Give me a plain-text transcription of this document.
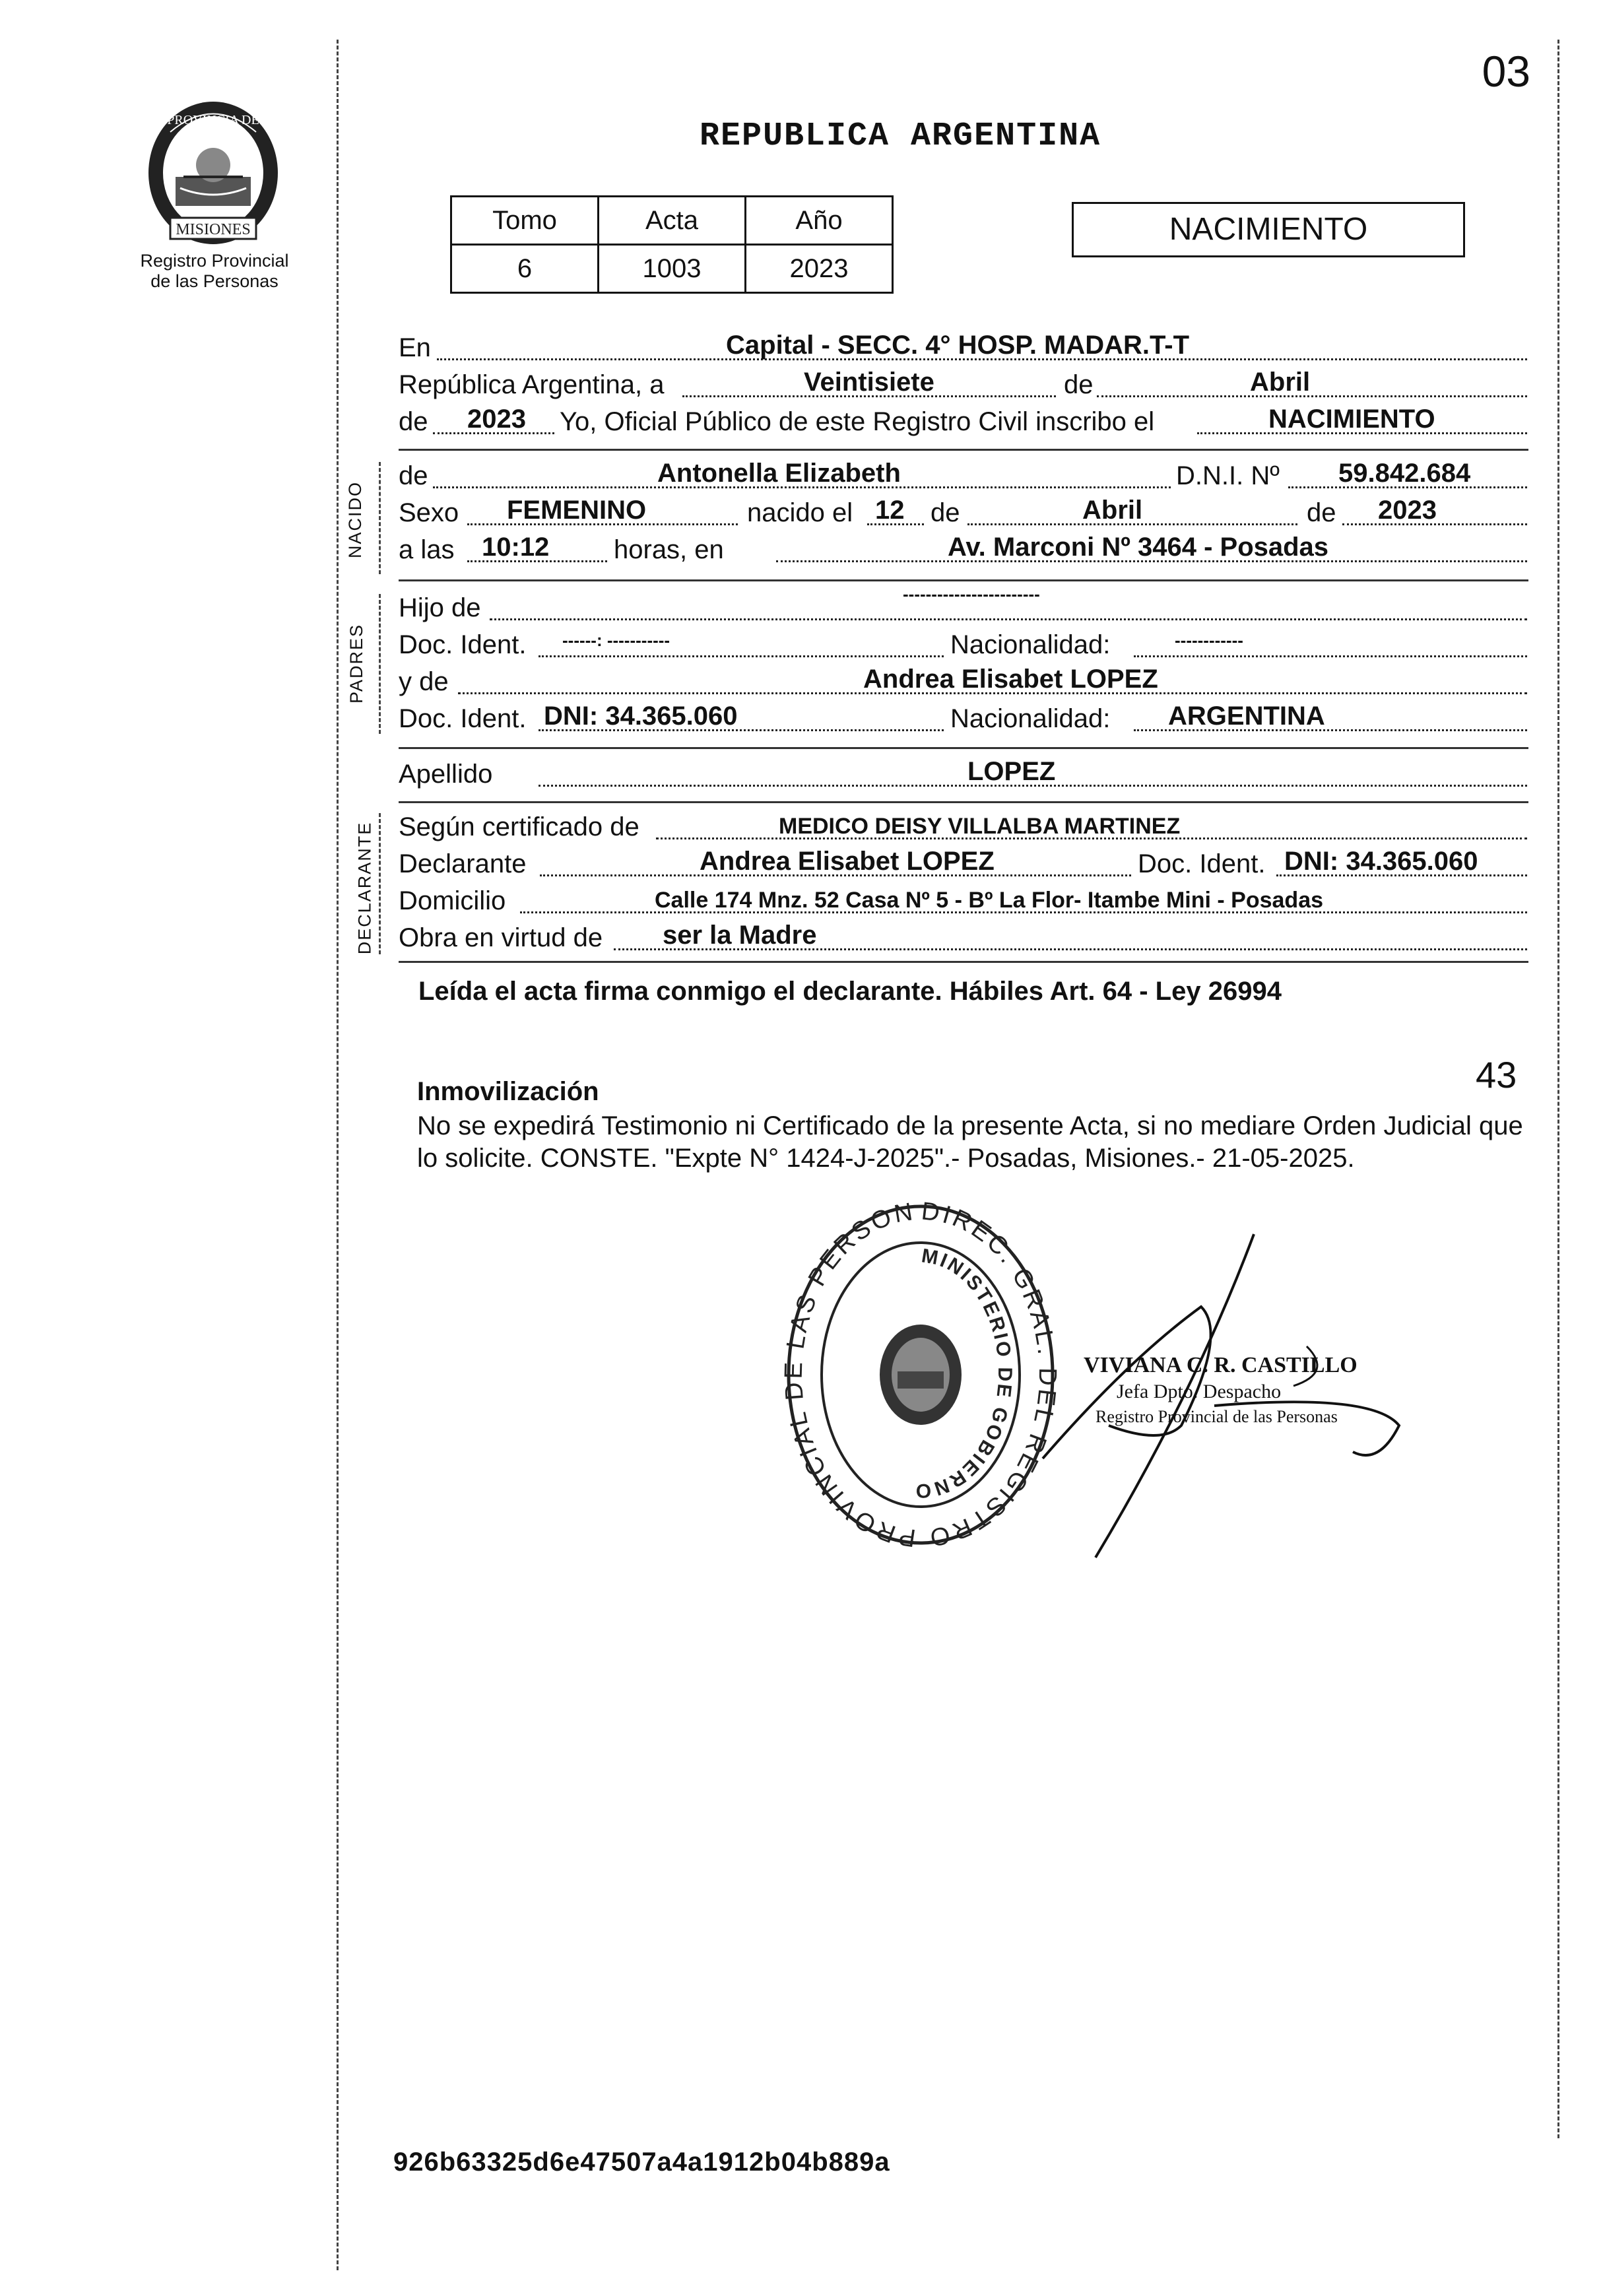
03
PROVINCIA DE
MISIONES
Registro Provincial
de las Personas
REPUBLICA ARGENTINA
Tomo	Acta	Año
6	1003	2023
NACIMIENTO
En	Capital - SECC. 4° HOSP. MADAR.T-T
República Argentina, a	Veintisiete	de	Abril
de 2023 Yo, Oficial Público de este Registro Civil inscribo el	NACIMIENTO
NACIDO
de	Antonella Elizabeth	D.N.I. Nº 59.842.684
Sexo FEMENINO	nacido el 12 de	Abril	de 2023
a las 10:12 horas, en	Av. Marconi Nº 3464 - Posadas
PADRES
Hijo de	------------------------
Doc. Ident. ------: -----------	Nacionalidad:	------------
y de	Andrea Elisabet LOPEZ
Doc. Ident. DNI: 34.365.060	Nacionalidad: ARGENTINA
Apellido	LOPEZ
DECLARANTE Según certificado de	MEDICO DEISY VILLALBA MARTINEZ
Declarante	Andrea Elisabet LOPEZ	Doc. Ident. DNI: 34.365.060
Domicilio	Calle 174 Mnz. 52 Casa Nº 5 - Bº La Flor- Itambe Mini - Posadas
Obra en virtud de ser la Madre
Leída el acta firma conmigo el declarante. Hábiles Art. 64 - Ley 26994
43
Inmovilización
No se expedirá Testimonio ni Certificado de la presente Acta, si no mediare Orden Judicial que lo solicite. CONSTE. "Expte N° 1424-J-2025".- Posadas, Misiones.- 21-05-2025.
DIREC. GRAL. DEL REGISTRO PROVINCIAL DE LAS PERSON
MINISTERIO DE GOBIERNO
VIVIANA C. R. CASTILLO
Jefa Dpto. Despacho
Registro Provincial de las Personas
926b63325d6e47507a4a1912b04b889a
